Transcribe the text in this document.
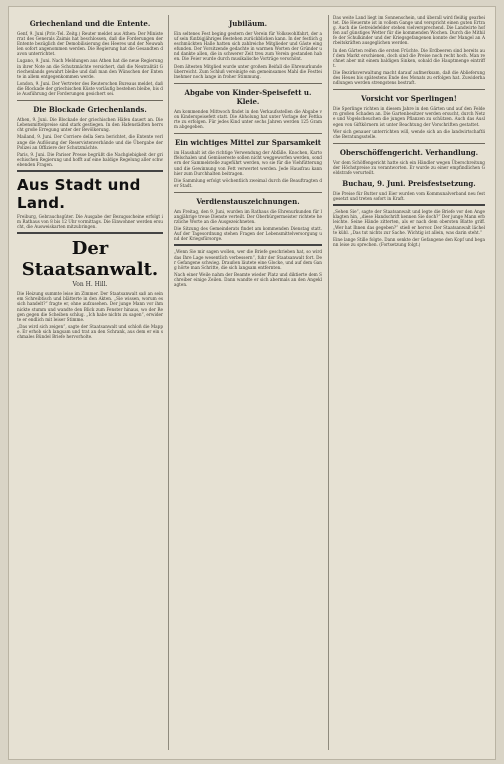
Griechenland und die Entente.

Genf, 9. Juni (Priv.-Tel. Zeitg.) Reuter meldet aus Athen: Der Ministerrat des Generals Zaimis hat beschlossen, daß die Forderungen der Entente bezüglich der Demobilisierung des Heeres und der Neuwahlen sofort angenommen werden. Die Regierung hat die Gesandten davon unterrichtet.

Lugano, 9. Juni. Nach Meldungen aus Athen hat die neue Regierung in ihrer Note an die Schutzmächte versichert, daß die Neutralität Griechenlands gewahrt bleibe und daß man den Wünschen der Entente in allem entgegenkommen werde.

London, 9. Juni. Der Vertreter des Reuterschen Bureaus meldet, daß die Blockade der griechischen Küste vorläufig bestehen bleibe, bis die Ausführung der Forderungen gesichert sei.

Die Blockade Griechenlands.

Athen, 9. Juni. Die Blockade der griechischen Häfen dauert an. Die Lebensmittelpreise sind stark gestiegen. In den Hafenstädten herrscht große Erregung unter der Bevölkerung.

Mailand, 9. Juni. Der Corriere della Sera berichtet, die Entente verlange die Auflösung der Reservistenverbände und die Übergabe der Polizei an Offiziere der Schutzmächte.

Paris, 9. Juni. Die Pariser Presse begrüßt die Nachgiebigkeit der griechischen Regierung und hofft auf eine baldige Regelung aller schwebenden Fragen.

Aus Stadt und Land.

Freiburg, Gebrauchsgüter. Die Ausgabe der Bezugsscheine erfolgt im Rathaus von 8 bis 12 Uhr vormittags. Die Einwohner werden ersucht, die Ausweiskarten mitzubringen.

Der Staatsanwalt.
Von H. Hill.

Die Heizung summte leise im Zimmer. Der Staatsanwalt saß an seinem Schreibtisch und blätterte in den Akten. „Sie wissen, worum es sich handelt?“ fragte er, ohne aufzusehen. Der junge Mann vor ihm nickte stumm und wandte den Blick zum Fenster hinaus, wo der Regen gegen die Scheiben schlug. „Ich habe nichts zu sagen“, erwiderte er endlich mit leiser Stimme.

„Das wird sich zeigen“, sagte der Staatsanwalt und schloß die Mappe. Er erhob sich langsam und trat an den Schrank, aus dem er ein schmales Bündel Briefe hervorholte.

Jubiläum.

Ein seltenes Fest beging gestern der Verein für Volkswohlfahrt, der auf sein fünfzigjähriges Bestehen zurückblicken kann. In der festlich geschmückten Halle hatten sich zahlreiche Mitglieder und Gäste eingefunden. Der Vorsitzende gedachte in warmen Worten der Gründer und dankte allen, die in schwerer Zeit treu zum Verein gestanden haben. Die Feier wurde durch musikalische Vorträge verschönt.

Dem ältesten Mitglied wurde unter großem Beifall die Ehrenurkunde überreicht. Zum Schluß vereinigte ein gemeinsames Mahl die Festteilnehmer noch lange in froher Stimmung.

Abgabe von Kinder-Speisefett u. Kleie.

Am kommenden Mittwoch findet in den Verkaufsstellen die Abgabe von Kinderspeisefett statt. Die Abholung hat unter Vorlage der Fettkarte zu erfolgen. Für jedes Kind unter sechs Jahren werden 125 Gramm abgegeben.

Ein wichtiges Mittel zur Sparsamkeit

im Haushalt ist die richtige Verwendung der Abfälle. Knochen, Kartoffelschalen und Gemüsereste sollen nicht weggeworfen werden, sondern der Sammelstelle zugeführt werden, wo sie für die Viehfütterung und die Gewinnung von Fett verwertet werden. Jede Hausfrau kann hier zum Durchhalten beitragen.

Die Sammlung erfolgt wöchentlich zweimal durch die Beauftragten der Stadt.

Verdienstauszeichnungen.

Am Freitag, den 9. Juni, wurden im Rathaus die Ehrenurkunden für langjährige treue Dienste verteilt. Der Oberbürgermeister richtete herzliche Worte an die Ausgezeichneten.

Die Sitzung des Gemeinderats findet am kommenden Dienstag statt. Auf der Tagesordnung stehen Fragen der Lebensmittelversorgung und der Kriegsfürsorge.

„Wenn Sie mir sagen wollen, wer die Briefe geschrieben hat, so wird das Ihre Lage wesentlich verbessern“, fuhr der Staatsanwalt fort. Der Gefangene schwieg. Draußen läutete eine Glocke, und auf dem Gang hörte man Schritte, die sich langsam entfernten.

Nach einer Weile nahm der Beamte wieder Platz und diktierte dem Schreiber einige Zeilen. Dann wandte er sich abermals an den Angeklagten.

Das weite Land liegt im Sonnenschein, und überall wird fleißig gearbeitet. Die Heuernte ist in vollem Gange und verspricht einen guten Ertrag. Auch die Getreidefelder stehen vielversprechend. Die Landwirte hoffen auf günstiges Wetter für die kommenden Wochen. Durch die Mithilfe der Schulkinder und der Kriegsgefangenen konnte der Mangel an Arbeitskräften ausgeglichen werden.

In den Gärten reifen die ersten Früchte. Die Erdbeeren sind bereits auf dem Markt erschienen, doch sind die Preise noch recht hoch. Man rechnet aber mit einem baldigen Sinken, sobald die Hauptmenge eintrifft.

Die Bezirksverwaltung macht darauf aufmerksam, daß die Ablieferung des Heues bis spätestens Ende des Monats zu erfolgen hat. Zuwiderhandlungen werden strengstens bestraft.

Vorsicht vor Sperlingen!

Die Sperlinge richten in diesem Jahre in den Gärten und auf den Feldern großen Schaden an. Die Gartenbesitzer werden ersucht, durch Netze und Vogelscheuchen die jungen Pflanzen zu schützen. Auch das Auslegen von Giftkörnern ist unter Beachtung der Vorschriften gestattet.

Wer sich genauer unterrichten will, wende sich an die landwirtschaftliche Beratungsstelle.

Oberschöffengericht. Verhandlung.

Vor dem Schöffengericht hatte sich ein Händler wegen Überschreitung der Höchstpreise zu verantworten. Er wurde zu einer empfindlichen Geldstrafe verurteilt.

Buchau, 9. Juni. Preisfestsetzung.

Die Preise für Butter und Eier wurden vom Kommunalverband neu festgesetzt und treten sofort in Kraft.

„Sehen Sie“, sagte der Staatsanwalt und legte die Briefe vor den Angeklagten hin, „diese Handschrift kennen Sie doch?“ Der junge Mann erbleichte. Seine Hände zitterten, als er nach dem obersten Blatte griff. „Wer hat Ihnen das gegeben?“ stieß er hervor. Der Staatsanwalt lächelte kühl. „Das tut nichts zur Sache. Wichtig ist allein, was darin steht.“

Eine lange Stille folgte. Dann senkte der Gefangene den Kopf und begann leise zu sprechen. (Fortsetzung folgt.)
